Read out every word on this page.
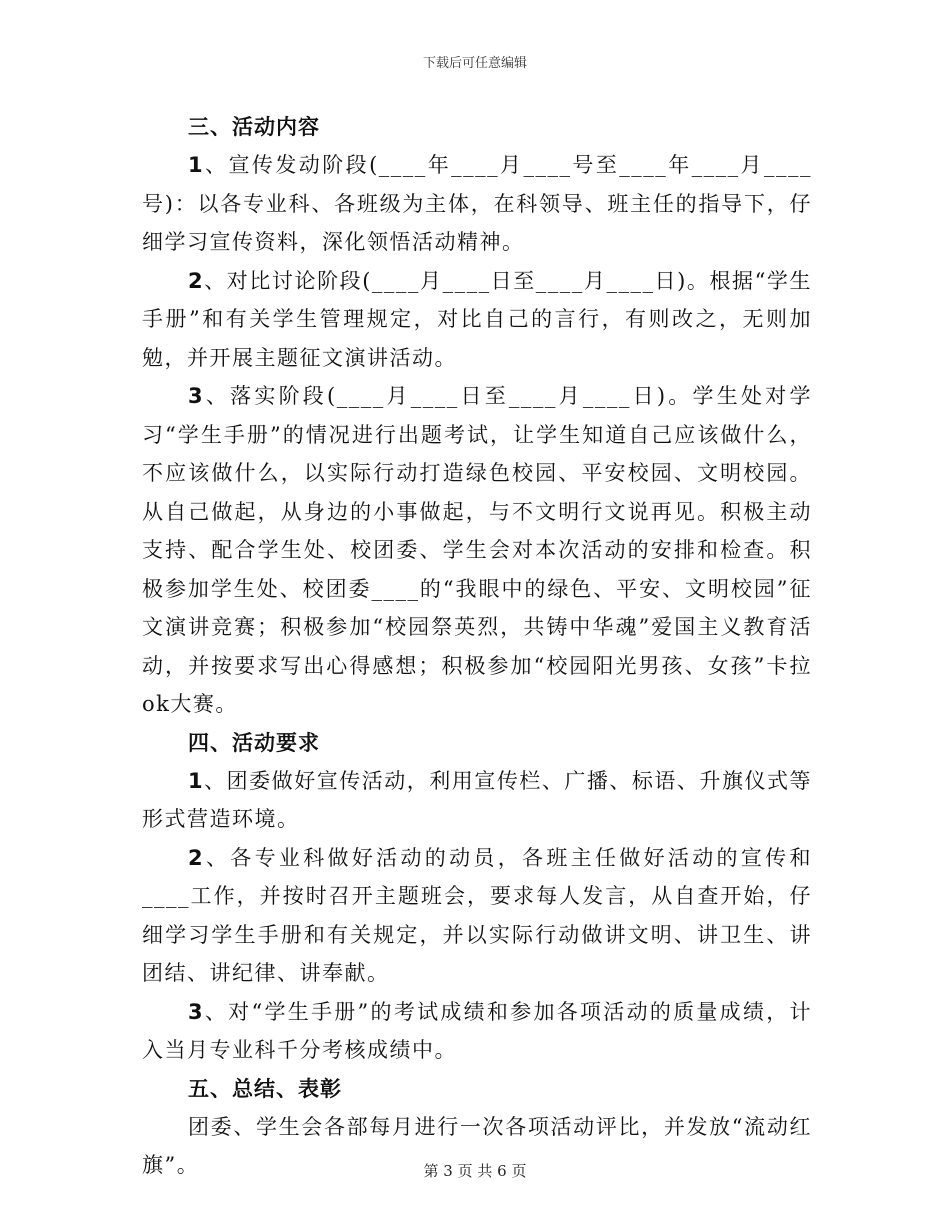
下载后可任意编辑
三、活动内容

1、宣传发动阶段(____年____月____号至____年____月____号)：以各专业科、各班级为主体，在科领导、班主任的指导下，仔细学习宣传资料，深化领悟活动精神。

2、对比讨论阶段(____月____日至____月____日)。根据“学生手册”和有关学生管理规定，对比自己的言行，有则改之，无则加勉，并开展主题征文演讲活动。

3、落实阶段(____月____日至____月____日)。学生处对学习“学生手册”的情况进行出题考试，让学生知道自己应该做什么，不应该做什么，以实际行动打造绿色校园、平安校园、文明校园。从自己做起，从身边的小事做起，与不文明行文说再见。积极主动支持、配合学生处、校团委、学生会对本次活动的安排和检查。积极参加学生处、校团委____的“我眼中的绿色、平安、文明校园”征文演讲竞赛；积极参加“校园祭英烈，共铸中华魂”爱国主义教育活动，并按要求写出心得感想；积极参加“校园阳光男孩、女孩”卡拉ok大赛。

四、活动要求

1、团委做好宣传活动，利用宣传栏、广播、标语、升旗仪式等形式营造环境。

2、各专业科做好活动的动员，各班主任做好活动的宣传和____工作，并按时召开主题班会，要求每人发言，从自查开始，仔细学习学生手册和有关规定，并以实际行动做讲文明、讲卫生、讲团结、讲纪律、讲奉献。

3、对“学生手册”的考试成绩和参加各项活动的质量成绩，计入当月专业科千分考核成绩中。

五、总结、表彰

团委、学生会各部每月进行一次各项活动评比，并发放“流动红旗”。	第 3 页 共 6 页
